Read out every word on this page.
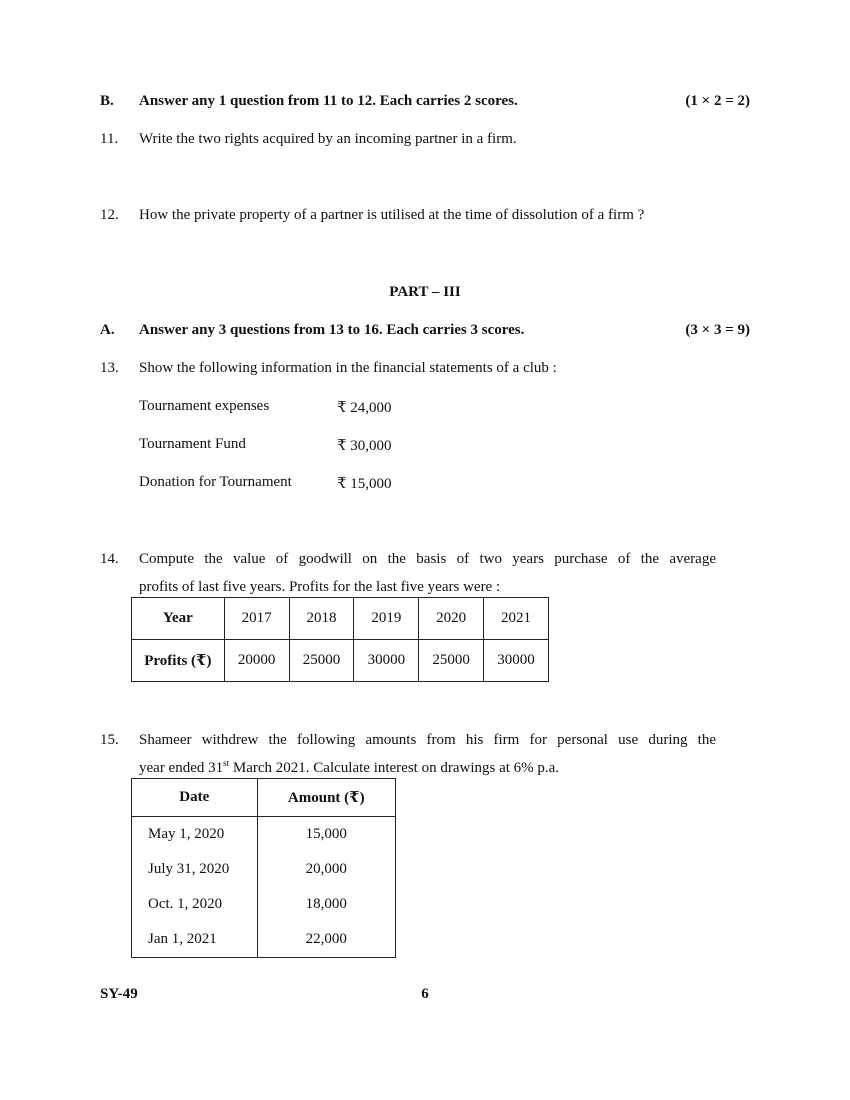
B. Answer any 1 question from 11 to 12. Each carries 2 scores.	(1 × 2 = 2)
11. Write the two rights acquired by an incoming partner in a firm.
12. How the private property of a partner is utilised at the time of dissolution of a firm ?
PART – III
A. Answer any 3 questions from 13 to 16. Each carries 3 scores.	(3 × 3 = 9)
13. Show the following information in the financial statements of a club :
Tournament expenses	₹ 24,000
Tournament Fund	₹ 30,000
Donation for Tournament	₹ 15,000
14. Compute the value of goodwill on the basis of two years purchase of the average
profits of last five years. Profits for the last five years were :
Year	2017	2018	2019	2020	2021
Profits (₹)	20000	25000	30000	25000	30000
15. Shameer withdrew the following amounts from his firm for personal use during the
year ended 31st March 2021. Calculate interest on drawings at 6% p.a.
Date	Amount (₹)
May 1, 2020	15,000
July 31, 2020	20,000
Oct. 1, 2020	18,000
Jan 1, 2021	22,000
SY-49	6
